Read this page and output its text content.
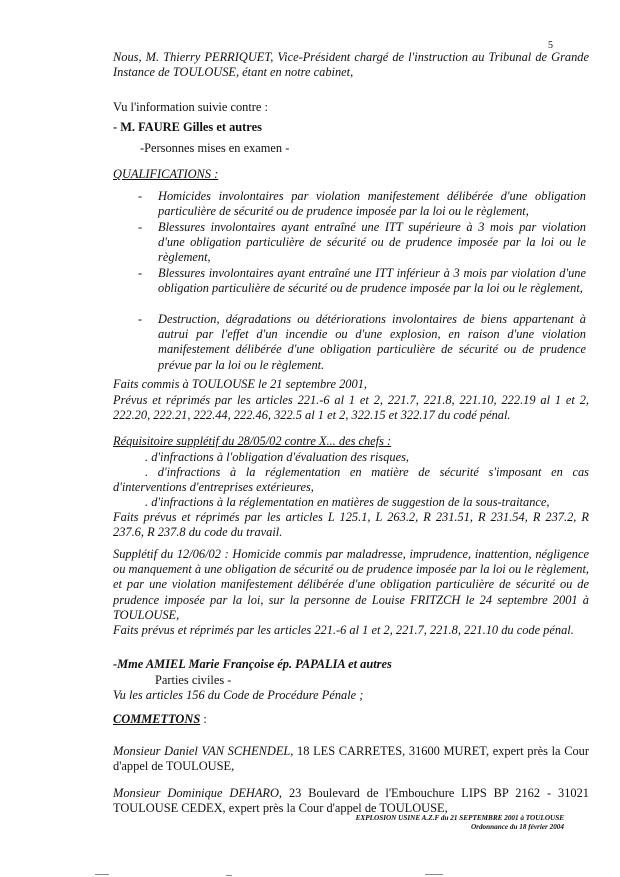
5
Nous, M. Thierry PERRIQUET, Vice-Président chargé de l'instruction au Tribunal de Grande Instance de TOULOUSE, étant en notre cabinet,
Vu l'information suivie contre :
- M. FAURE Gilles et autres
-Personnes mises en examen -
QUALIFICATIONS :
- Homicides involontaires par violation manifestement délibérée d'une obligation particulière de sécurité ou de prudence imposée par la loi ou le règlement,
- Blessures involontaires ayant entraîné une ITT supérieure à 3 mois par violation d'une obligation particulière de sécurité ou de prudence imposée par la loi ou le règlement,
- Blessures involontaires ayant entraîné une ITT inférieur à 3 mois par violation d'une obligation particulière de sécurité ou de prudence imposée par la loi ou le règlement,
- Destruction, dégradations ou détériorations involontaires de biens appartenant à autrui par l'effet d'un incendie ou d'une explosion, en raison d'une violation manifestement délibérée d'une obligation particulière de sécurité ou de prudence prévue par la loi ou le règlement.
Faits commis à TOULOUSE le 21 septembre 2001,
Prévus et réprimés par les articles 221.-6 al 1 et 2, 221.7, 221.8, 221.10, 222.19 al 1 et 2, 222.20, 222.21, 222.44, 222.46, 322.5 al 1 et 2, 322.15 et 322.17 du codé pénal.
Réquisitoire supplétif du 28/05/02 contre X... des chefs :
. d'infractions à l'obligation d'évaluation des risques,
. d'infractions à la réglementation en matière de sécurité s'imposant en cas
d'interventions d'entreprises extérieures,
. d'infractions à la réglementation en matières de suggestion de la sous-traitance,
Faits prévus et réprimés par les articles L 125.1, L 263.2, R 231.51, R 231.54, R 237.2, R 237.6, R 237.8 du code du travail.
Supplétif du 12/06/02 : Homicide commis par maladresse, imprudence, inattention, négligence ou manquement à une obligation de sécurité ou de prudence imposée par la loi ou le règlement, et par une violation manifestement délibérée d'une obligation particulière de sécurité ou de prudence imposée par la loi, sur la personne de Louise FRITZCH le 24 septembre 2001 à TOULOUSE,
Faits prévus et réprimés par les articles 221.-6 al 1 et 2, 221.7, 221.8, 221.10 du code pénal.
-Mme AMIEL Marie Françoise ép. PAPALIA et autres
Parties civiles -
Vu les articles 156 du Code de Procédure Pénale ;
COMMETTONS :
Monsieur Daniel VAN SCHENDEL, 18 LES CARRETES, 31600 MURET, expert près la Cour d'appel de TOULOUSE,
Monsieur Dominique DEHARO, 23 Boulevard de l'Embouchure LIPS BP 2162 - 31021 TOULOUSE CEDEX, expert près la Cour d'appel de TOULOUSE,
EXPLOSION USINE A.Z.F du 21 SEPTEMBRE 2001 à TOULOUSE
Ordonnance du 18 février 2004
